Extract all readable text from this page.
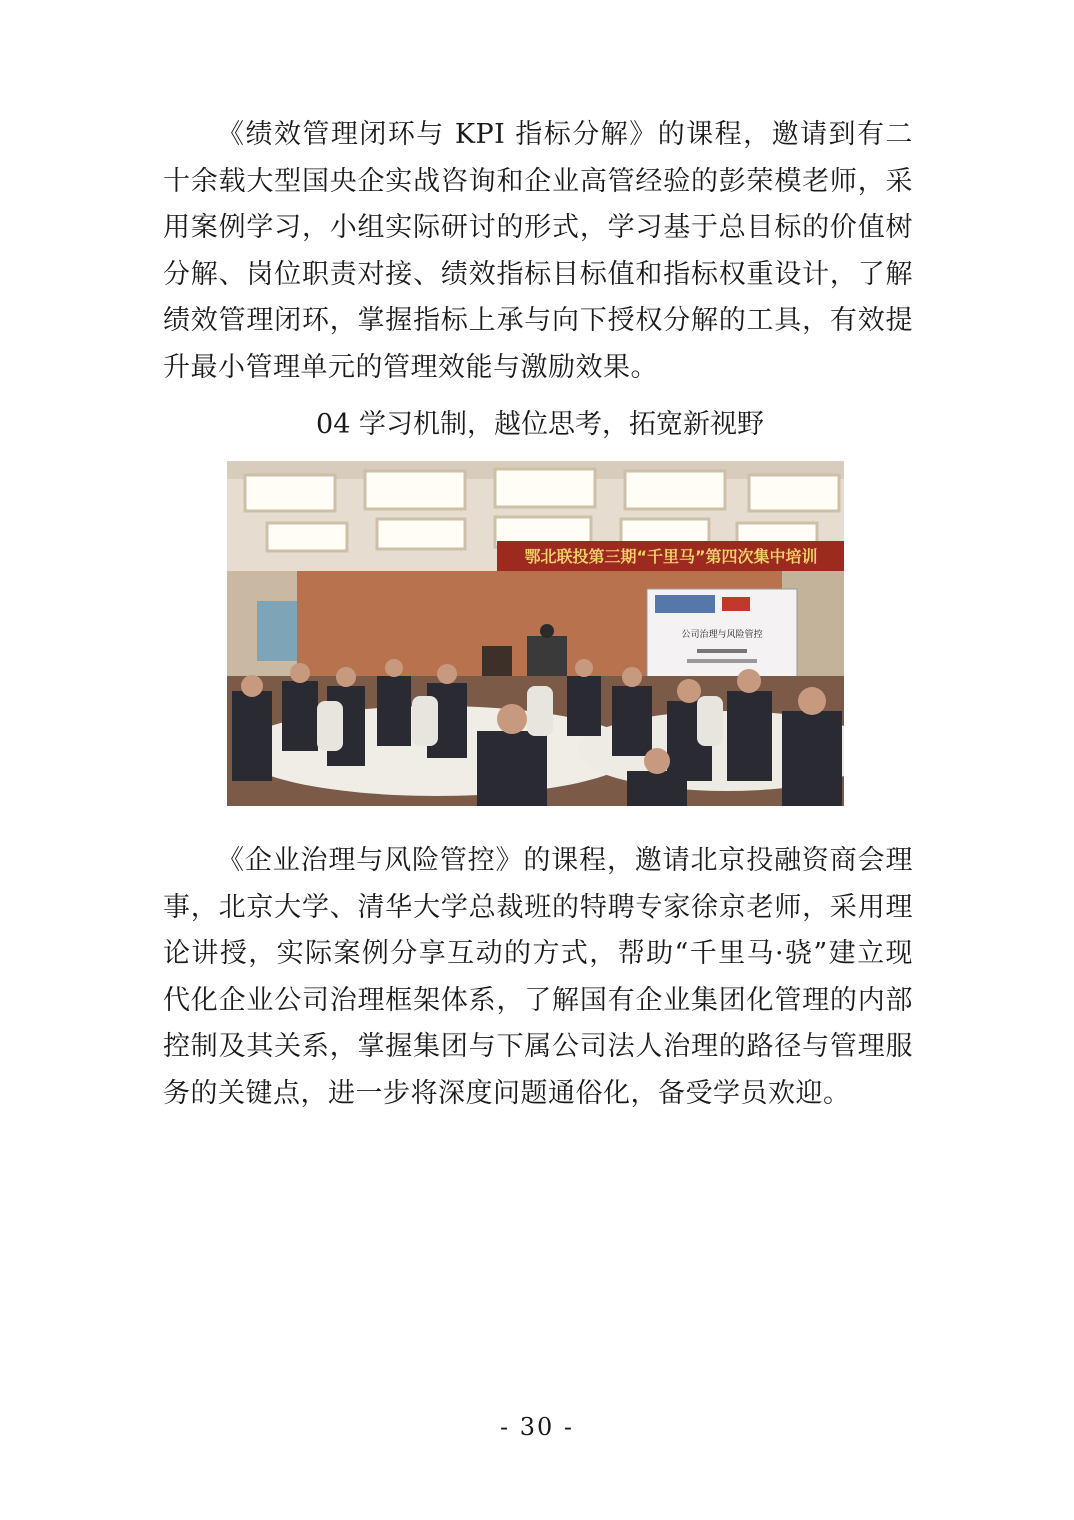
《绩效管理闭环与 KPI 指标分解》的课程，邀请到有二十余载大型国央企实战咨询和企业高管经验的彭荣模老师，采用案例学习，小组实际研讨的形式，学习基于总目标的价值树分解、岗位职责对接、绩效指标目标值和指标权重设计，了解绩效管理闭环，掌握指标上承与向下授权分解的工具，有效提升最小管理单元的管理效能与激励效果。

04 学习机制，越位思考，拓宽新视野

鄂北联投第三期“千里马”第四次集中培训
公司治理与风险管控

《企业治理与风险管控》的课程，邀请北京投融资商会理事，北京大学、清华大学总裁班的特聘专家徐京老师，采用理论讲授，实际案例分享互动的方式，帮助“千里马·骁”建立现代化企业公司治理框架体系，了解国有企业集团化管理的内部控制及其关系，掌握集团与下属公司法人治理的路径与管理服务的关键点，进一步将深度问题通俗化，备受学员欢迎。

- 30 -
